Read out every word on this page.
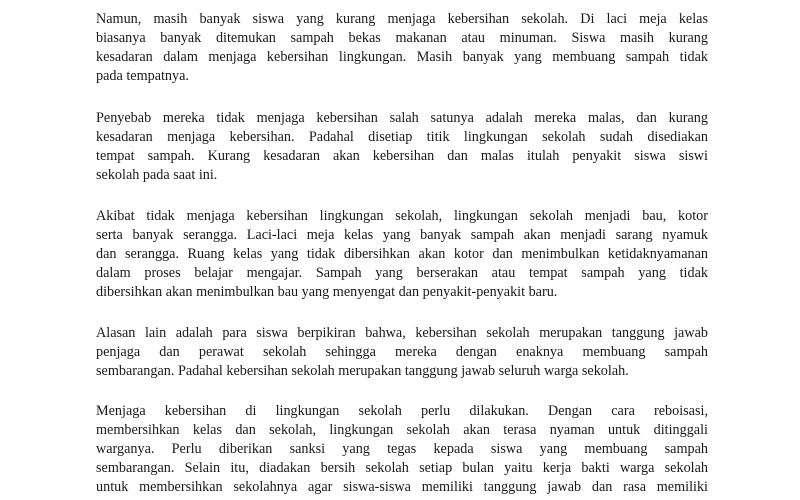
Namun, masih banyak siswa yang kurang menjaga kebersihan sekolah. Di laci meja kelas
biasanya banyak ditemukan sampah bekas makanan atau minuman. Siswa masih kurang
kesadaran dalam menjaga kebersihan lingkungan. Masih banyak yang membuang sampah tidak
pada tempatnya.

Penyebab mereka tidak menjaga kebersihan salah satunya adalah mereka malas, dan kurang
kesadaran menjaga kebersihan. Padahal disetiap titik lingkungan sekolah sudah disediakan
tempat sampah. Kurang kesadaran akan kebersihan dan malas itulah penyakit siswa siswi
sekolah pada saat ini.

Akibat tidak menjaga kebersihan lingkungan sekolah, lingkungan sekolah menjadi bau, kotor
serta banyak serangga. Laci-laci meja kelas yang banyak sampah akan menjadi sarang nyamuk
dan serangga. Ruang kelas yang tidak dibersihkan akan kotor dan menimbulkan ketidaknyamanan
dalam proses belajar mengajar. Sampah yang berserakan atau tempat sampah yang tidak
dibersihkan akan menimbulkan bau yang menyengat dan penyakit-penyakit baru.

Alasan lain adalah para siswa berpikiran bahwa, kebersihan sekolah merupakan tanggung jawab
penjaga dan perawat sekolah sehingga mereka dengan enaknya membuang sampah
sembarangan. Padahal kebersihan sekolah merupakan tanggung jawab seluruh warga sekolah.

Menjaga kebersihan di lingkungan sekolah perlu dilakukan. Dengan cara reboisasi,
membersihkan kelas dan sekolah, lingkungan sekolah akan terasa nyaman untuk ditinggali
warganya. Perlu diberikan sanksi yang tegas kepada siswa yang membuang sampah
sembarangan. Selain itu, diadakan bersih sekolah setiap bulan yaitu kerja bakti warga sekolah
untuk membersihkan sekolahnya agar siswa-siswa memiliki tanggung jawab dan rasa memiliki
